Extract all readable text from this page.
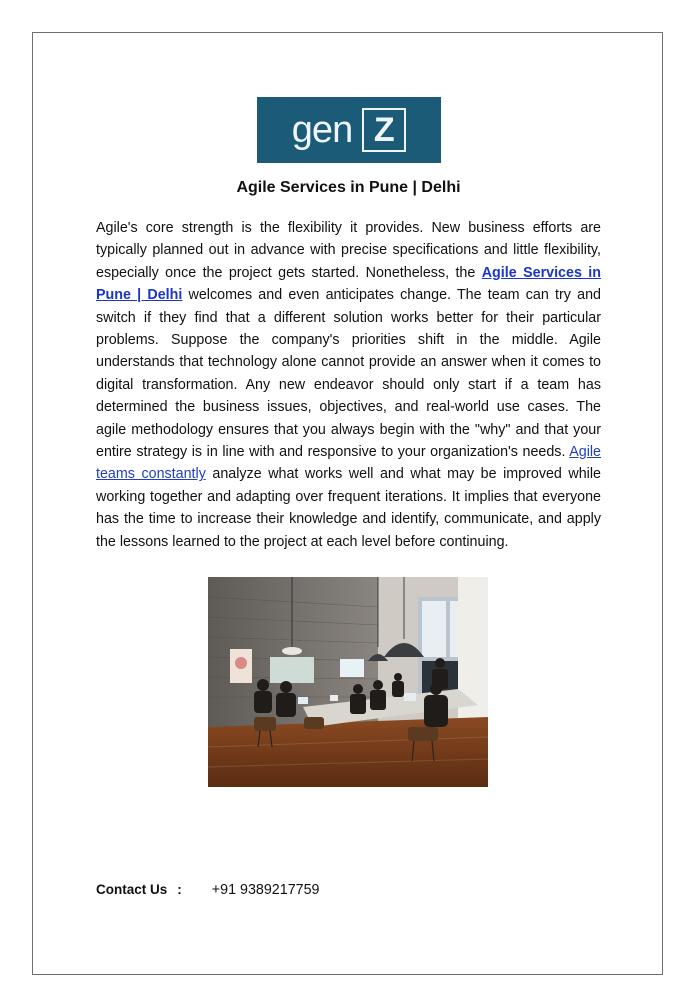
gen Z
Agile Services in Pune | Delhi

Agile's core strength is the flexibility it provides. New business efforts are typically planned out in advance with precise specifications and little flexibility, especially once the project gets started. Nonetheless, the Agile Services in Pune | Delhi welcomes and even anticipates change. The team can try and switch if they find that a different solution works better for their particular problems. Suppose the company's priorities shift in the middle. Agile understands that technology alone cannot provide an answer when it comes to digital transformation. Any new endeavor should only start if a team has determined the business issues, objectives, and real-world use cases. The agile methodology ensures that you always begin with the "why" and that your entire strategy is in line with and responsive to your organization's needs. Agile teams constantly analyze what works well and what may be improved while working together and adapting over frequent iterations. It implies that everyone has the time to increase their knowledge and identify, communicate, and apply the lessons learned to the project at each level before continuing.

Contact Us : +91 9389217759
